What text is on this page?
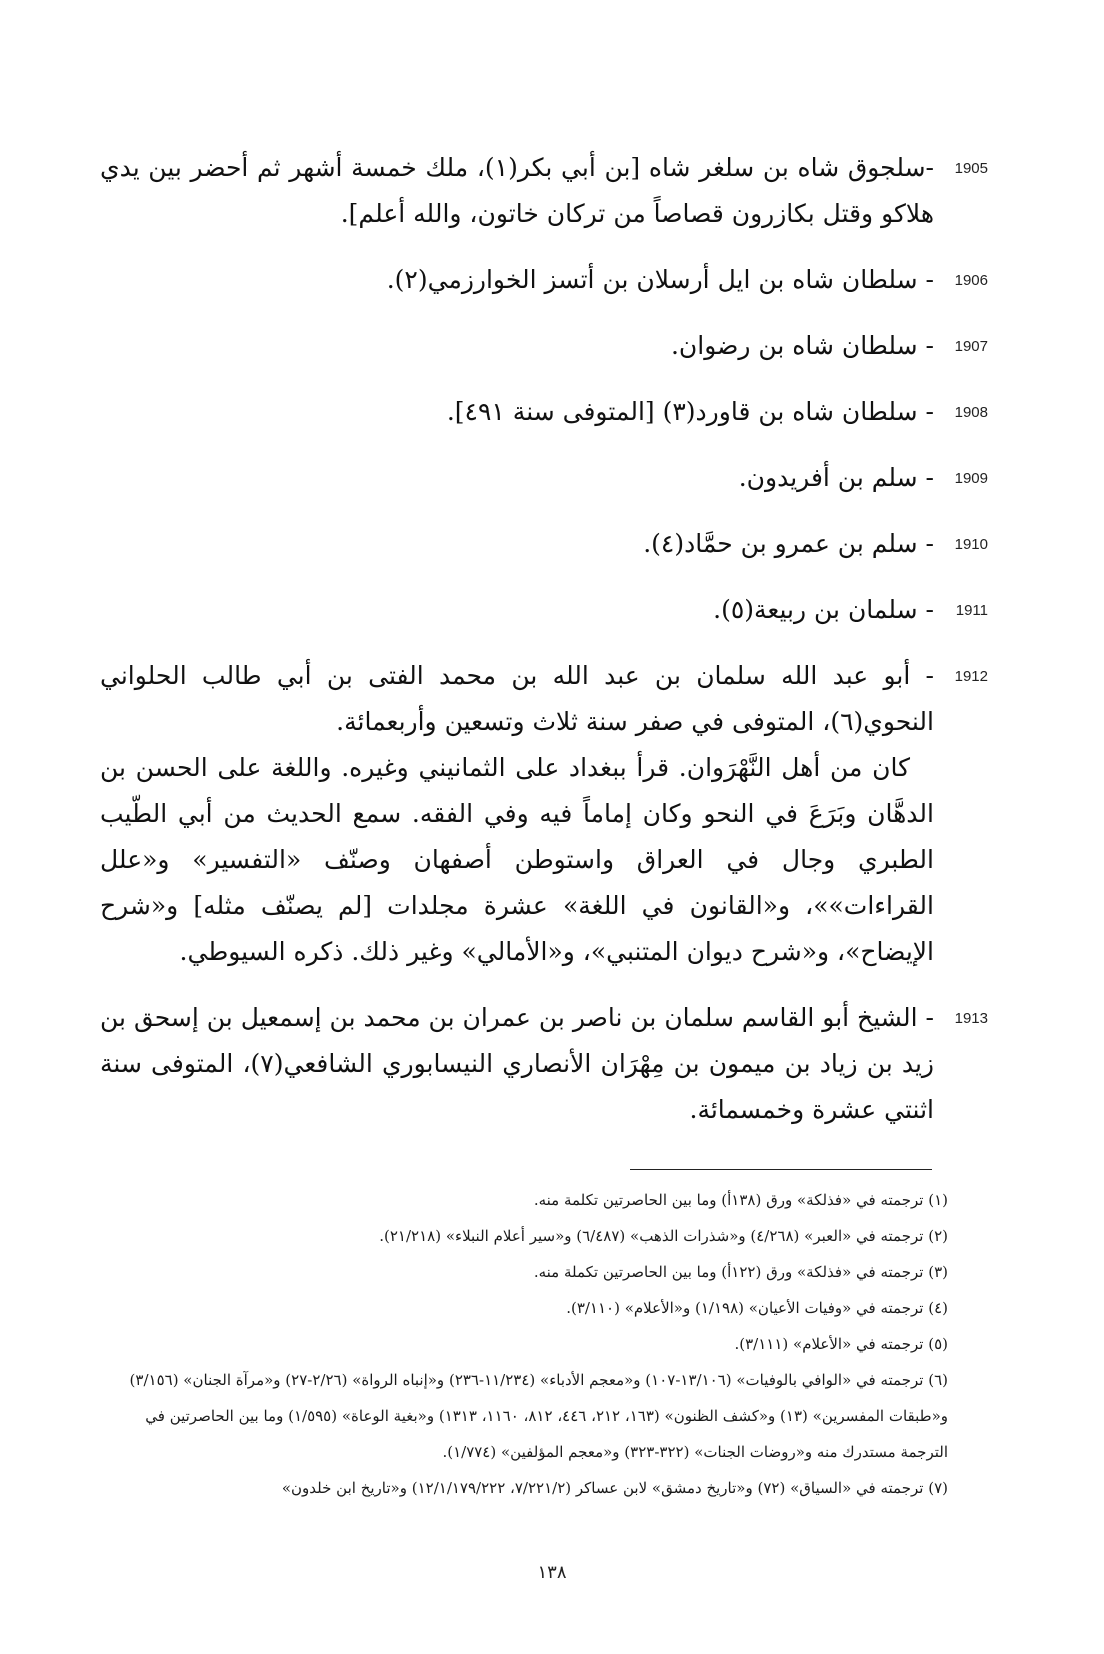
1905
-سلجوق شاه بن سلغر شاه [بن أبي بكر(١)، ملك خمسة أشهر ثم أحضر بين يدي هلاكو وقتل بكازرون قصاصاً من تركان خاتون، والله أعلم].
1906
- سلطان شاه بن ايل أرسلان بن أتسز الخوارزمي(٢).
1907
- سلطان شاه بن رضوان.
1908
- سلطان شاه بن قاورد(٣) [المتوفى سنة ٤٩١].
1909
- سلم بن أفريدون.
1910
- سلم بن عمرو بن حمَّاد(٤).
1911
- سلمان بن ربيعة(٥).
1912
- أبو عبد الله سلمان بن عبد الله بن محمد الفتى بن أبي طالب الحلواني النحوي(٦)، المتوفى في صفر سنة ثلاث وتسعين وأربعمائة.
كان من أهل النَّهْرَوان. قرأ ببغداد على الثمانيني وغيره. واللغة على الحسن بن الدهَّان وبَرَعَ في النحو وكان إماماً فيه وفي الفقه. سمع الحديث من أبي الطّيب الطبري وجال في العراق واستوطن أصفهان وصنّف «التفسير» و«علل القراءات»»، و«القانون في اللغة» عشرة مجلدات [لم يصنّف مثله] و«شرح الإيضاح»، و«شرح ديوان المتنبي»، و«الأمالي» وغير ذلك. ذكره السيوطي.
1913
- الشيخ أبو القاسم سلمان بن ناصر بن عمران بن محمد بن إسمعيل بن إسحق بن زيد بن زياد بن ميمون بن مِهْرَان الأنصاري النيسابوري الشافعي(٧)، المتوفى سنة اثنتي عشرة وخمسمائة.
(١) ترجمته في «فذلكة» ورق (١٣٨أ) وما بين الحاصرتين تكلمة منه.
(٢) ترجمته في «العبر» (٤/٢٦٨) و«شذرات الذهب» (٦/٤٨٧) و«سير أعلام النبلاء» (٢١/٢١٨).
(٣) ترجمته في «فذلكة» ورق (١٢٢أ) وما بين الحاصرتين تكملة منه.
(٤) ترجمته في «وفيات الأعيان» (١/١٩٨) و«الأعلام» (٣/١١٠).
(٥) ترجمته في «الأعلام» (٣/١١١).
(٦) ترجمته في «الوافي بالوفيات» (١٣/١٠٦-١٠٧) و«معجم الأدباء» (١١/٢٣٤-٢٣٦) و«إنباه الرواة» (٢/٢٦-٢٧) و«مرآة الجنان» (٣/١٥٦) و«طبقات المفسرين» (١٣) و«كشف الظنون» (١٦٣، ٢١٢، ٤٤٦، ٨١٢، ١١٦٠، ١٣١٣) و«بغية الوعاة» (١/٥٩٥) وما بين الحاصرتين في الترجمة مستدرك منه و«روضات الجنات» (٣٢٢-٣٢٣) و«معجم المؤلفين» (١/٧٧٤).
(٧) ترجمته في «السياق» (٧٢) و«تاريخ دمشق» لابن عساكر (٧/٢٢١/٢، ١٢/١/١٧٩/٢٢٢) و«تاريخ ابن خلدون»
١٣٨
